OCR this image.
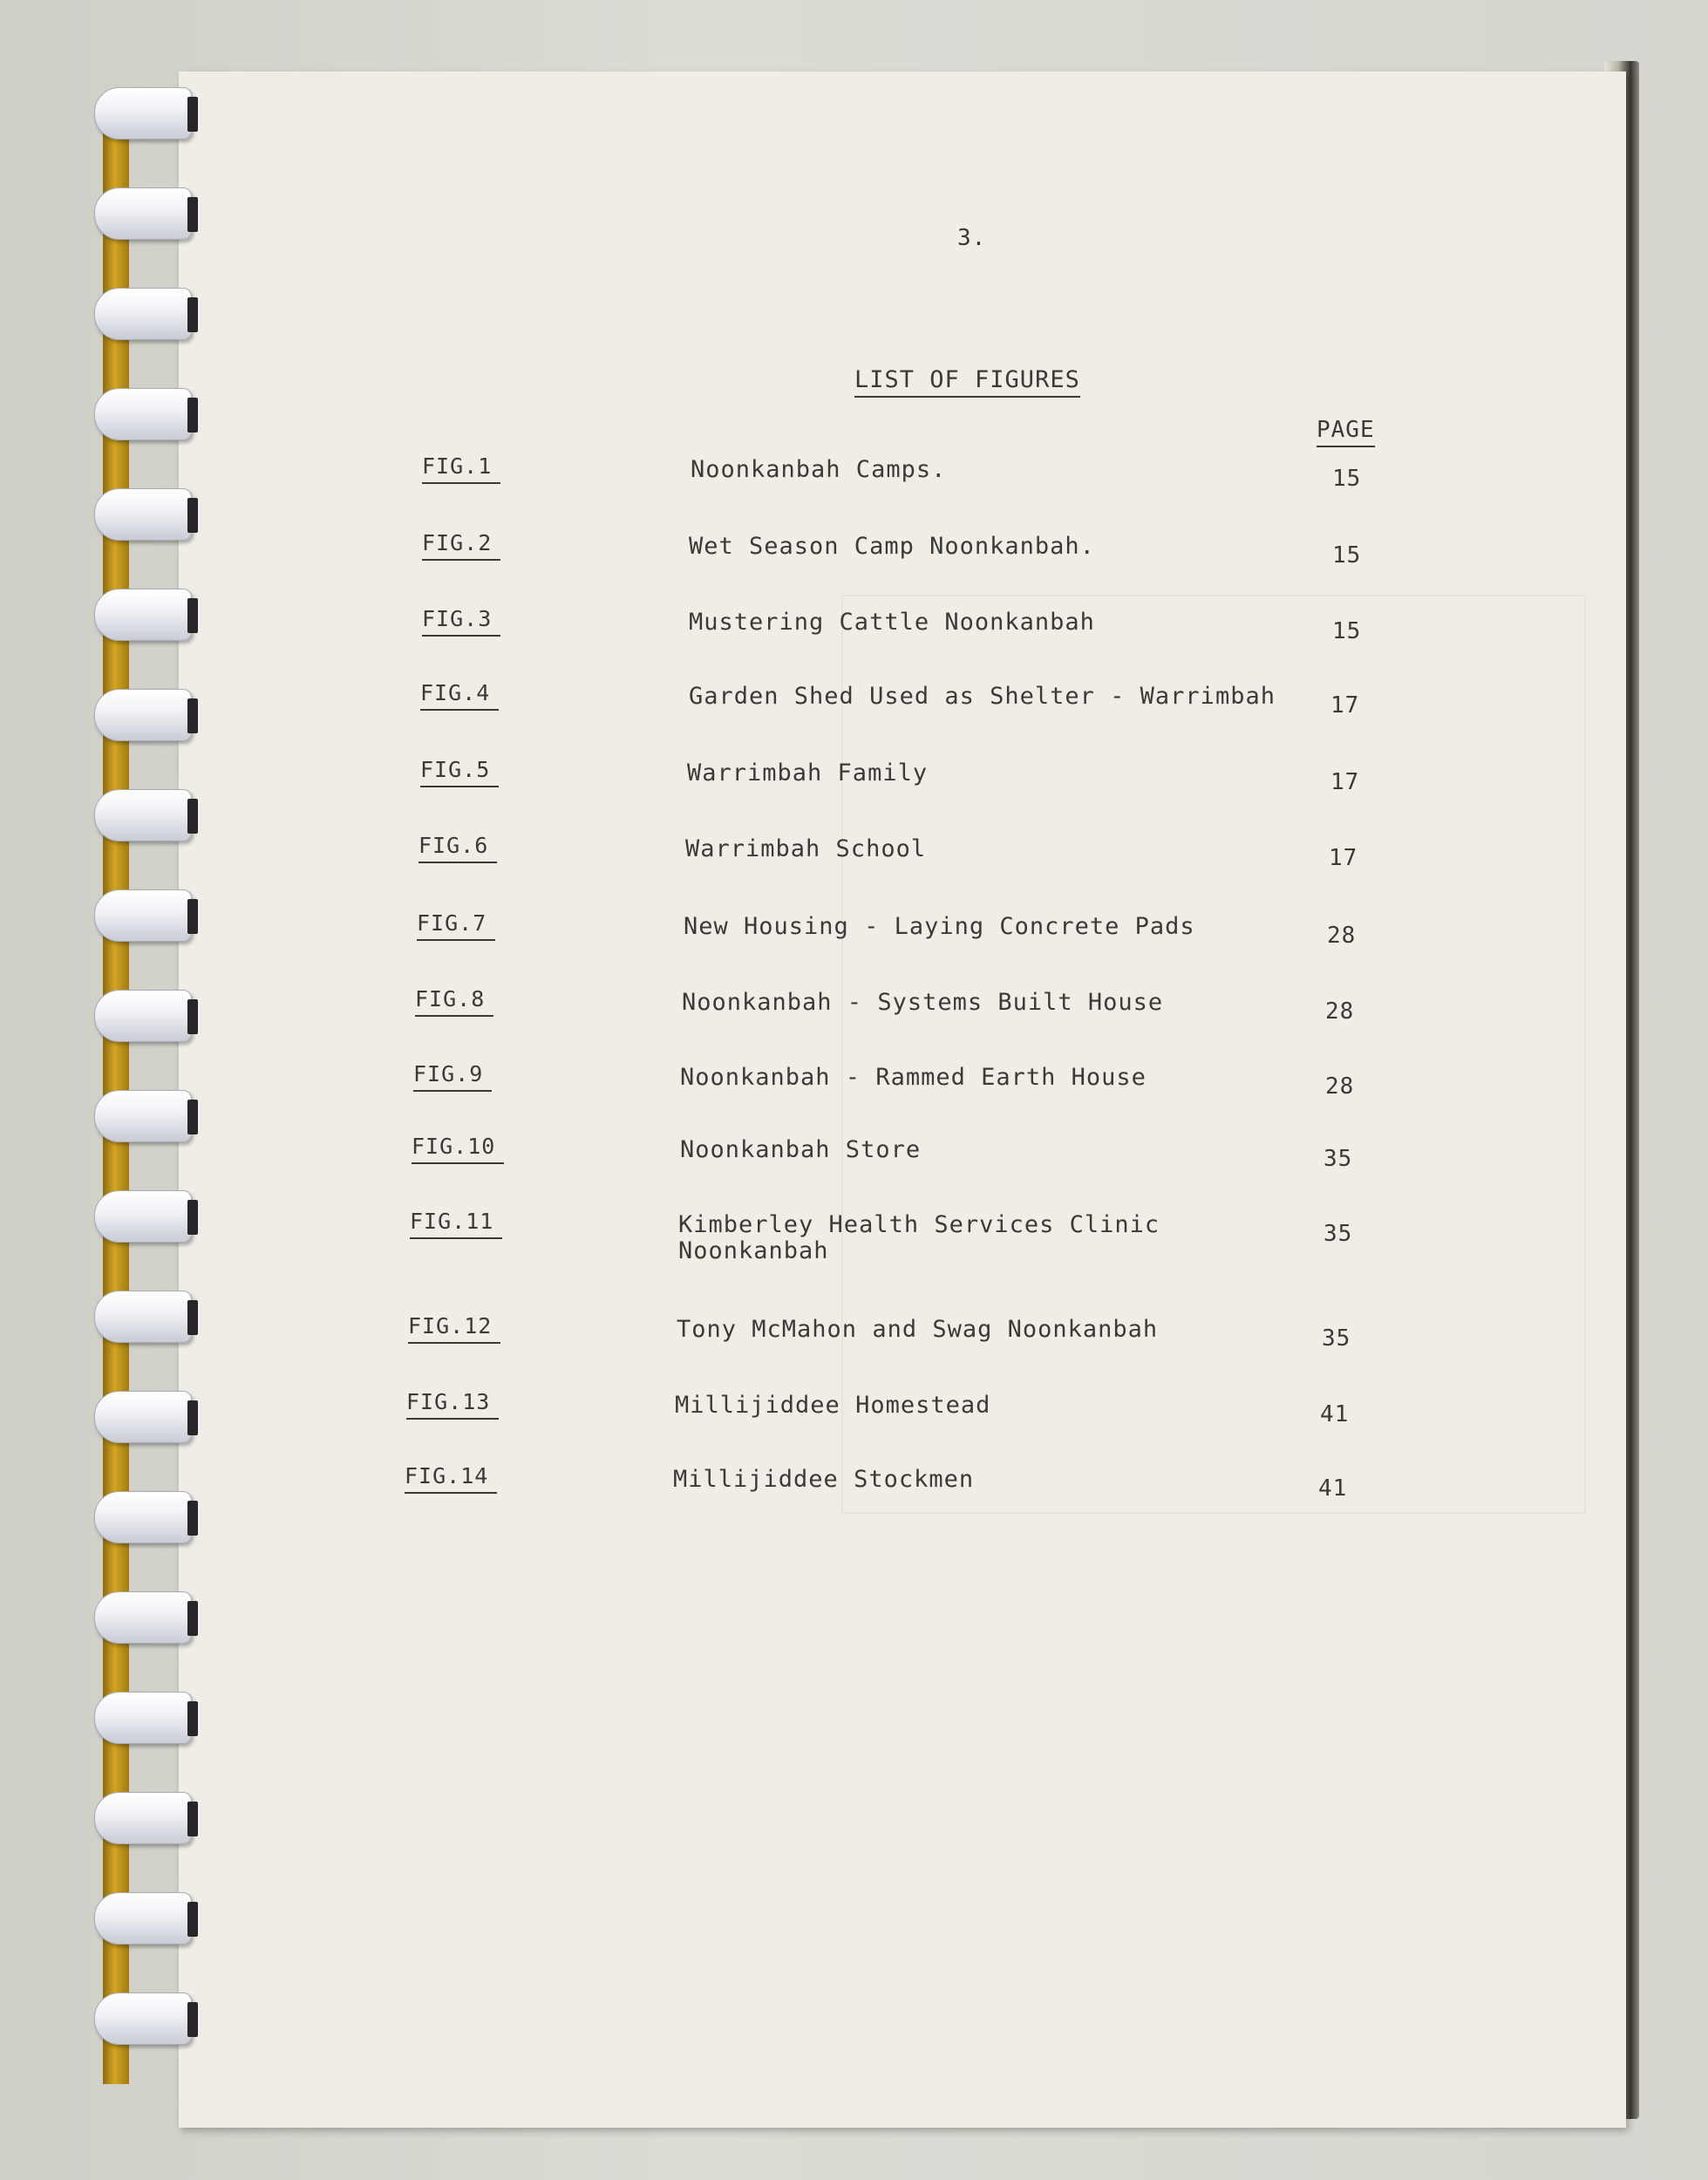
3.
LIST OF FIGURES
PAGE
FIG.1	Noonkanbah Camps.	15
FIG.2	Wet Season Camp Noonkanbah.	15
FIG.3	Mustering Cattle Noonkanbah	15
FIG.4	Garden Shed Used as Shelter - Warrimbah 17
FIG.5	Warrimbah Family	17
FIG.6	Warrimbah School	17
FIG.7	New Housing - Laying Concrete Pads	28
FIG.8	Noonkanbah - Systems Built House	28
FIG.9	Noonkanbah - Rammed Earth House	28
FIG.10	Noonkanbah Store	35
FIG.11	Kimberley Health Services Clinic
Noonkanbah
35
FIG.12	Tony McMahon and Swag Noonkanbah	35
FIG.13	Millijiddee Homestead	41
FIG.14	Millijiddee Stockmen	41
